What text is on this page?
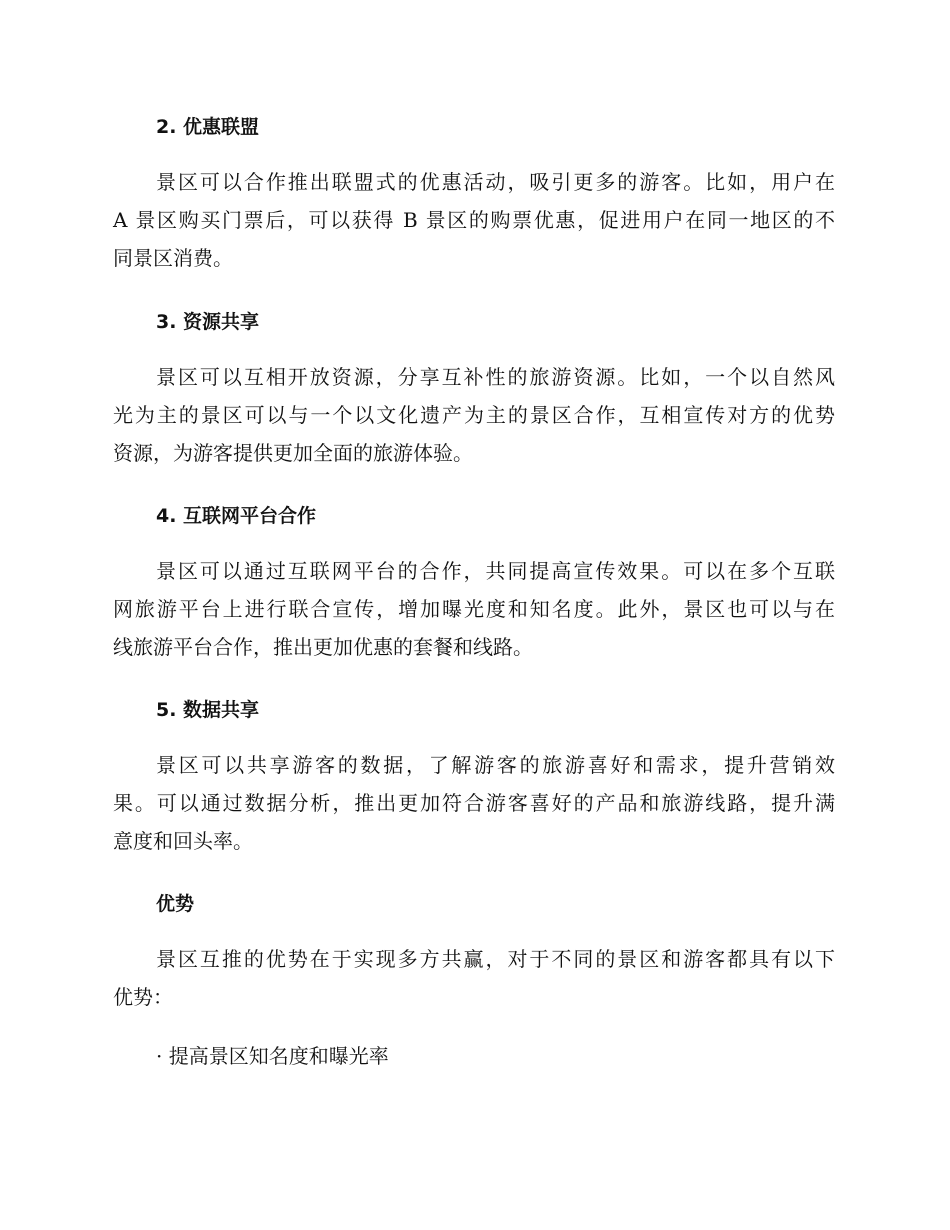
2. 优惠联盟
景区可以合作推出联盟式的优惠活动，吸引更多的游客。比如，用户在
A 景区购买门票后，可以获得 B 景区的购票优惠，促进用户在同一地区的不
同景区消费。
3. 资源共享
景区可以互相开放资源，分享互补性的旅游资源。比如，一个以自然风
光为主的景区可以与一个以文化遗产为主的景区合作，互相宣传对方的优势
资源，为游客提供更加全面的旅游体验。
4. 互联网平台合作
景区可以通过互联网平台的合作，共同提高宣传效果。可以在多个互联
网旅游平台上进行联合宣传，增加曝光度和知名度。此外，景区也可以与在
线旅游平台合作，推出更加优惠的套餐和线路。
5. 数据共享
景区可以共享游客的数据，了解游客的旅游喜好和需求，提升营销效
果。可以通过数据分析，推出更加符合游客喜好的产品和旅游线路，提升满
意度和回头率。
优势
景区互推的优势在于实现多方共赢，对于不同的景区和游客都具有以下
优势：
· 提高景区知名度和曝光率
